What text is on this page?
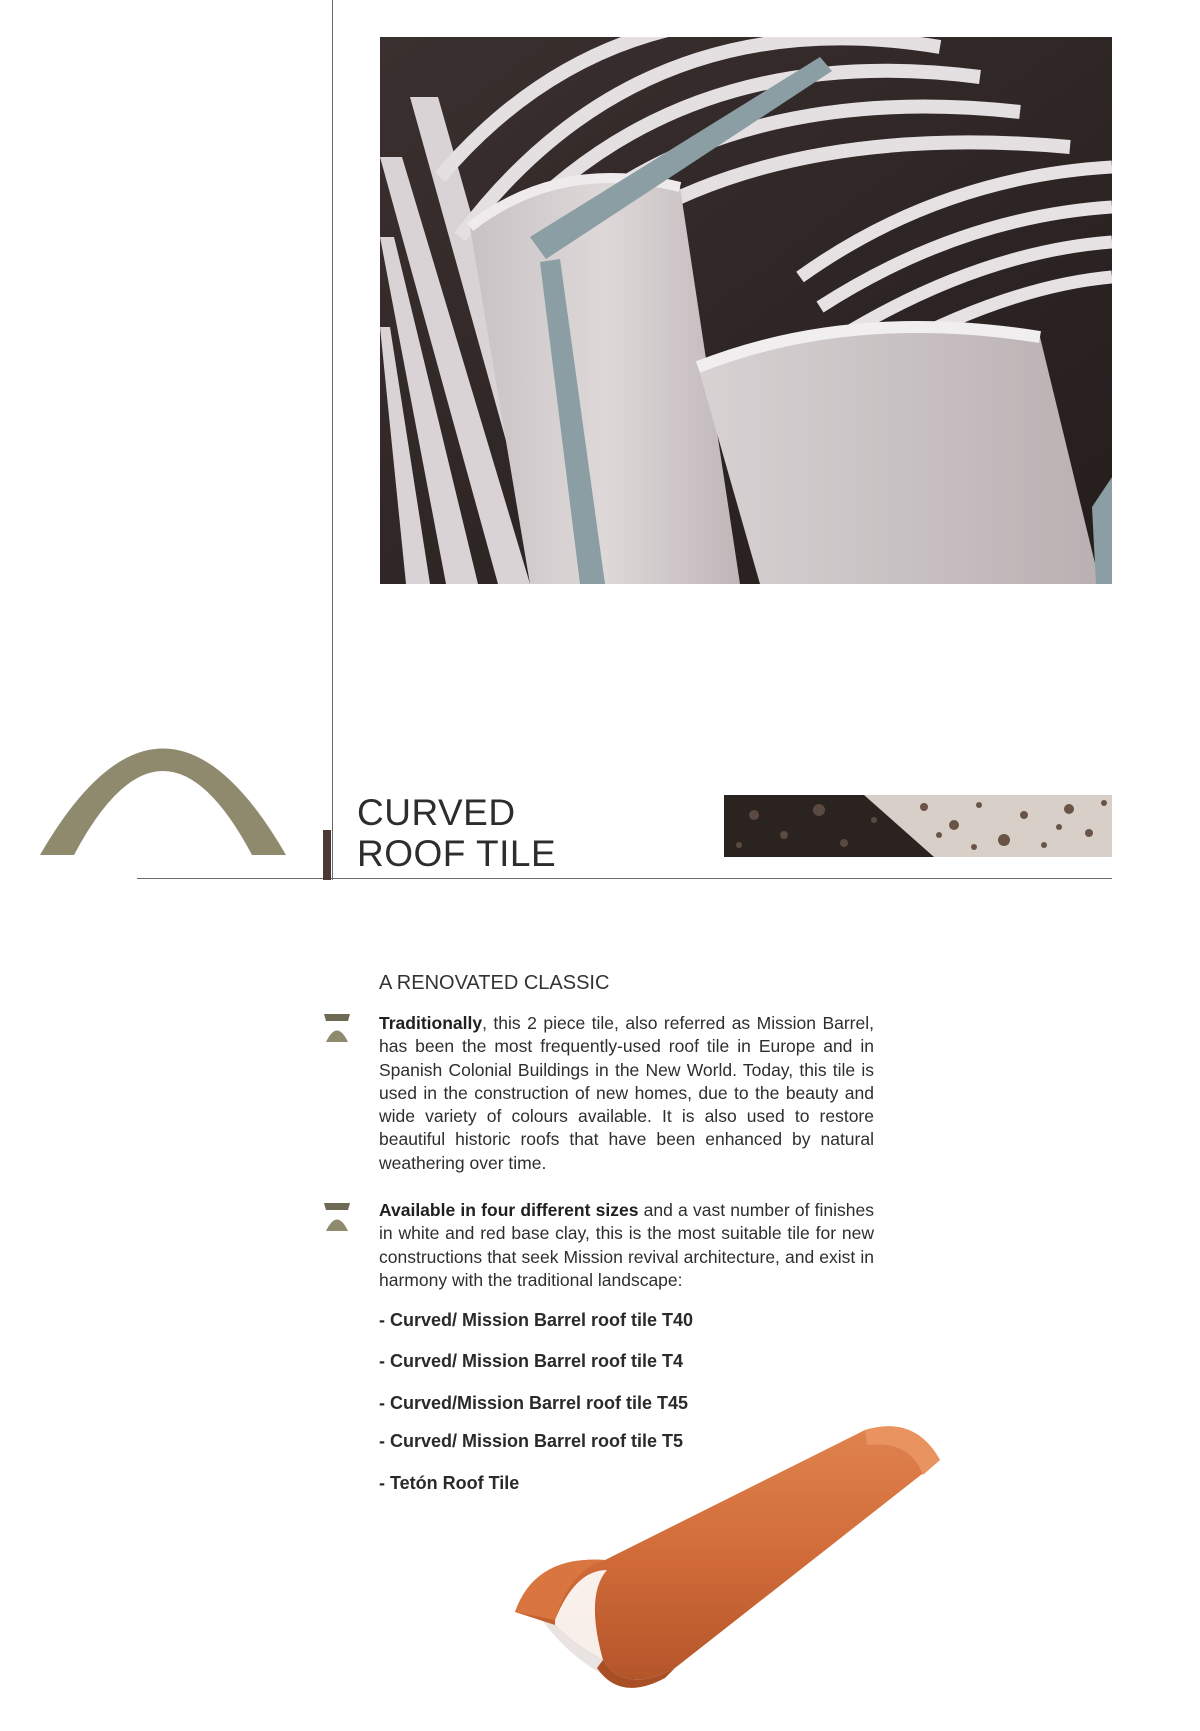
CURVED
ROOF TILE
A RENOVATED CLASSIC

Traditionally, this 2 piece tile, also referred as Mission Barrel, has been the most frequently-used roof tile in Europe and in Spanish Colonial Buildings in the New World. Today, this tile is used in the construction of new homes, due to the beauty and wide variety of colours available. It is also used to restore beautiful historic roofs that have been enhanced by natural weathering over time.

Available in four different sizes and a vast number of finishes in white and red base clay, this is the most suitable tile for new constructions that seek Mission revival architecture, and exist in harmony with the traditional landscape:

- Curved/ Mission Barrel roof tile T40
- Curved/ Mission Barrel roof tile T4
- Curved/Mission Barrel roof tile T45
- Curved/ Mission Barrel roof tile T5
- Tetón Roof Tile
